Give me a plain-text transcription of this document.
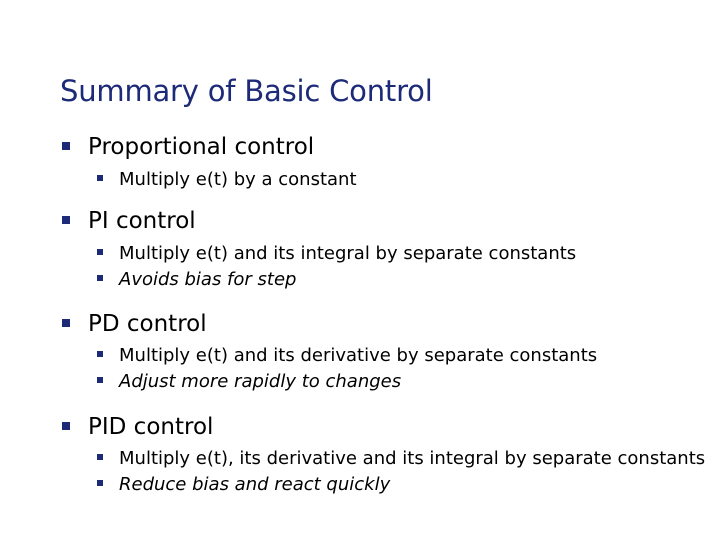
Summary of Basic Control
Proportional control
Multiply e(t) by a constant
PI control
Multiply e(t) and its integral by separate constants
Avoids bias for step
PD control
Multiply e(t) and its derivative by separate constants
Adjust more rapidly to changes
PID control
Multiply e(t), its derivative and its integral by separate constants
Reduce bias and react quickly
